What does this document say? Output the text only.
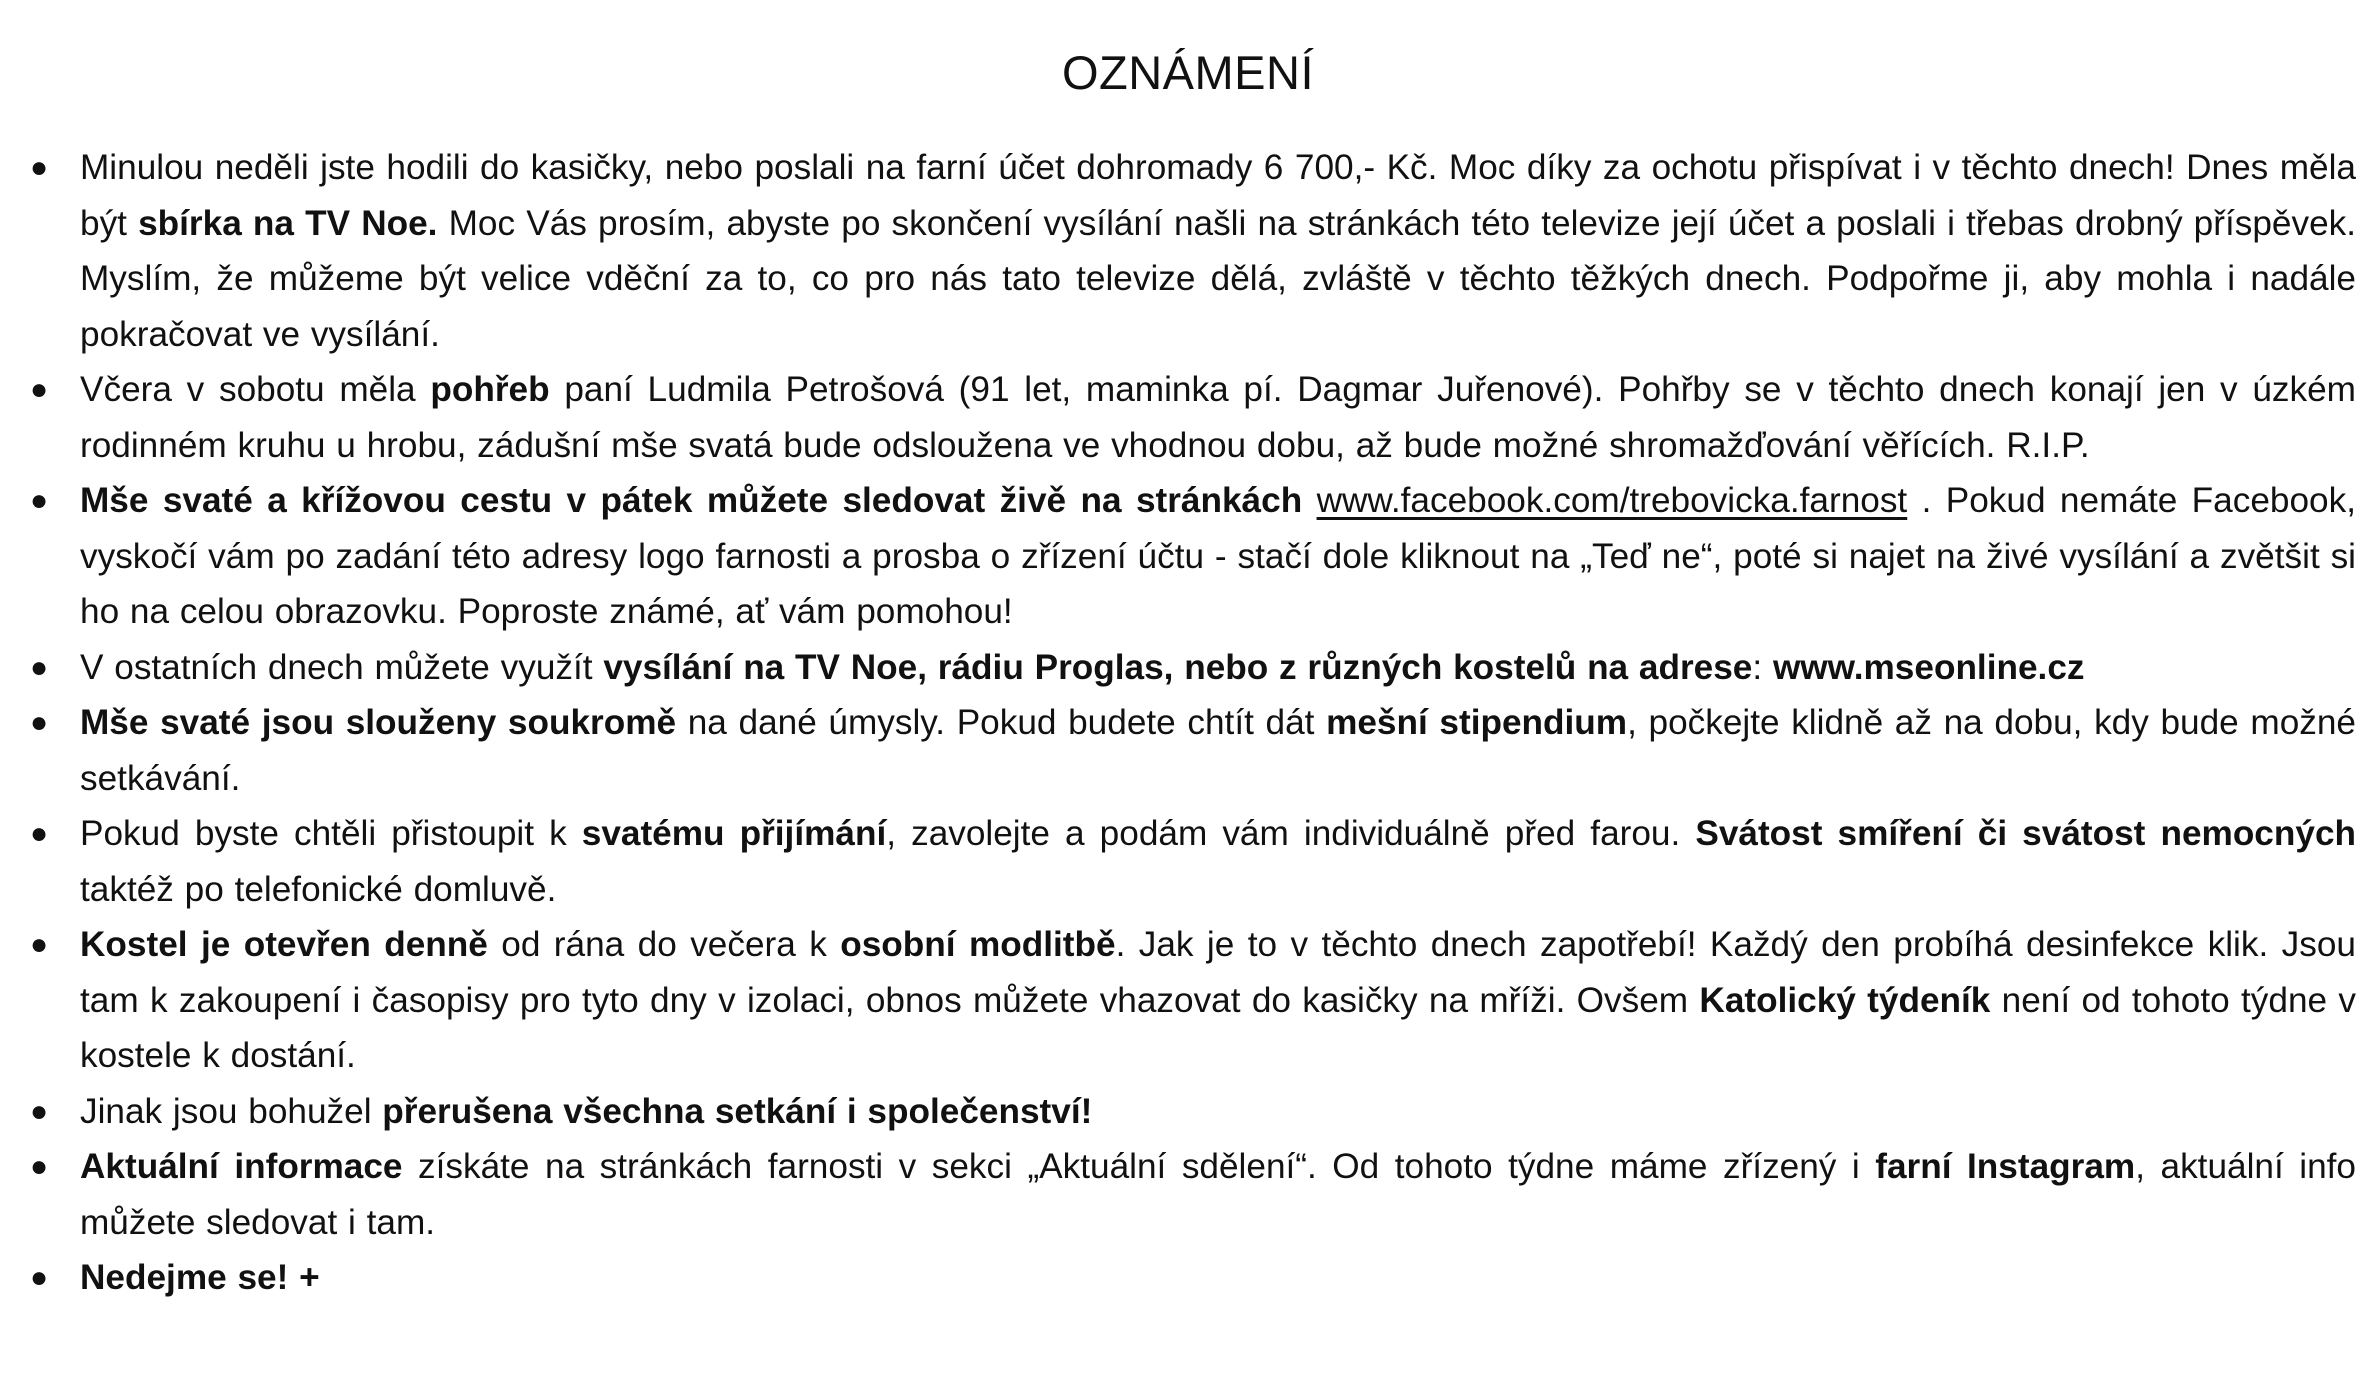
OZNÁMENÍ
● Minulou neděli jste hodili do kasičky, nebo poslali na farní účet dohromady 6 700,- Kč. Moc díky za ochotu přispívat i v těchto dnech! Dnes měla být sbírka na TV Noe. Moc Vás prosím, abyste po skončení vysílání našli na stránkách této televize její účet a poslali i třebas drobný příspěvek. Myslím, že můžeme být velice vděční za to, co pro nás tato televize dělá, zvláště v těchto těžkých dnech. Podpořme ji, aby mohla i nadále pokračovat ve vysílání.
● Včera v sobotu měla pohřeb paní Ludmila Petrošová (91 let, maminka pí. Dagmar Juřenové). Pohřby se v těchto dnech konají jen v úzkém rodinném kruhu u hrobu, zádušní mše svatá bude odsloužena ve vhodnou dobu, až bude možné shromažďování věřících. R.I.P.
● Mše svaté a křížovou cestu v pátek můžete sledovat živě na stránkách www.facebook.com/trebovicka.farnost . Pokud nemáte Facebook, vyskočí vám po zadání této adresy logo farnosti a prosba o zřízení účtu - stačí dole kliknout na „Teď ne“, poté si najet na živé vysílání a zvětšit si ho na celou obrazovku. Poproste známé, ať vám pomohou!
● V ostatních dnech můžete využít vysílání na TV Noe, rádiu Proglas, nebo z různých kostelů na adrese: www.mseonline.cz
● Mše svaté jsou slouženy soukromě na dané úmysly. Pokud budete chtít dát mešní stipendium, počkejte klidně až na dobu, kdy bude možné setkávání.
● Pokud byste chtěli přistoupit k svatému přijímání, zavolejte a podám vám individuálně před farou. Svátost smíření či svátost nemocných taktéž po telefonické domluvě.
● Kostel je otevřen denně od rána do večera k osobní modlitbě. Jak je to v těchto dnech zapotřebí! Každý den probíhá desinfekce klik. Jsou tam k zakoupení i časopisy pro tyto dny v izolaci, obnos můžete vhazovat do kasičky na mříži. Ovšem Katolický týdeník není od tohoto týdne v kostele k dostání.
● Jinak jsou bohužel přerušena všechna setkání i společenství!
● Aktuální informace získáte na stránkách farnosti v sekci „Aktuální sdělení“. Od tohoto týdne máme zřízený i farní Instagram, aktuální info můžete sledovat i tam.
● Nedejme se! +
